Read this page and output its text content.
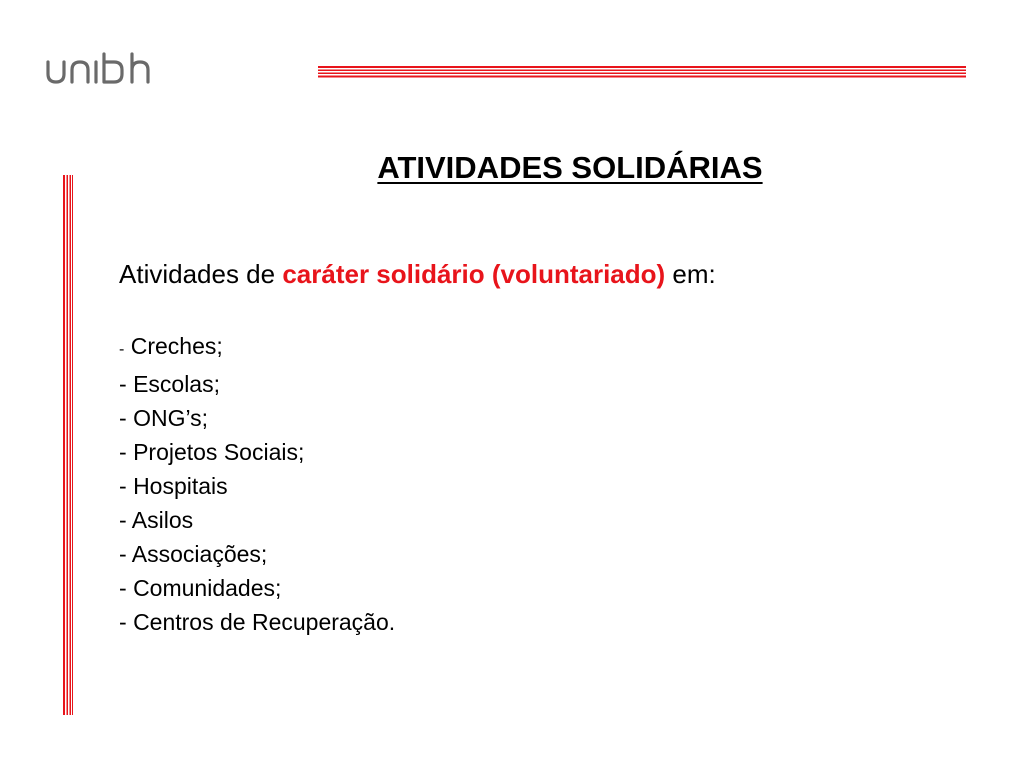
ATIVIDADES SOLIDÁRIAS

Atividades de caráter solidário (voluntariado) em:

- Creches;
- Escolas;
- ONG’s;
- Projetos Sociais;
- Hospitais
- Asilos
- Associações;
- Comunidades;
- Centros de Recuperação.
